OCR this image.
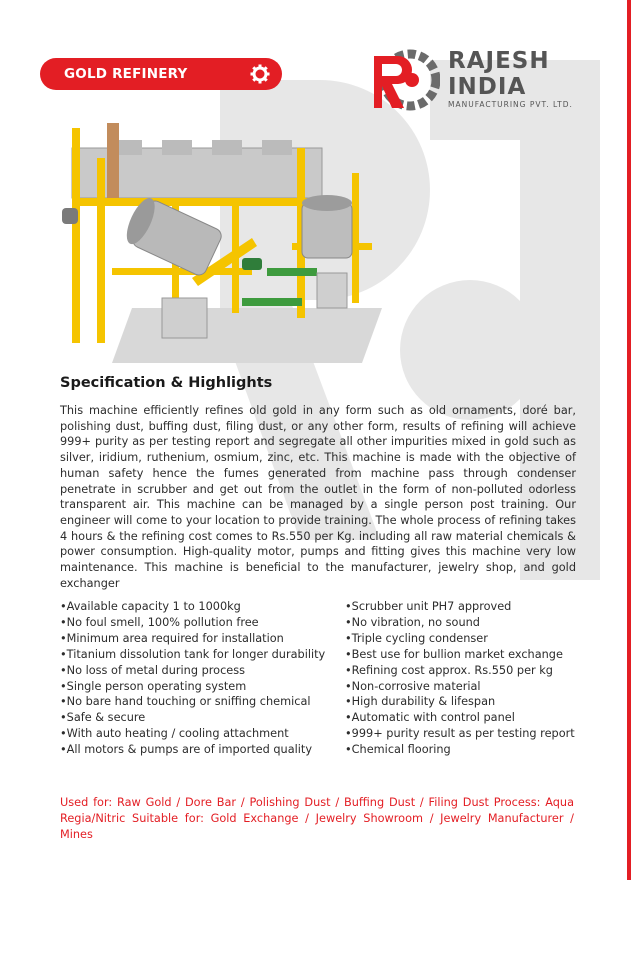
GOLD REFINERY	RAJESH
INDIA
MANUFACTURING PVT. LTD.
Specification & Highlights

This machine efficiently refines old gold in any form such as old ornaments, doré bar, polishing dust, buffing dust, filing dust, or any other form, results of refining will achieve 999+ purity as per testing report and segregate all other impurities mixed in gold such as silver, iridium, ruthenium, osmium, zinc, etc. This machine is made with the objective of human safety hence the fumes generated from machine pass through condenser penetrate in scrubber and get out from the outlet in the form of non-polluted odorless transparent air. This machine can be managed by a single person post training. Our engineer will come to your location to provide training. The whole process of refining takes 4 hours & the refining cost comes to Rs.550 per Kg. including all raw material chemicals & power consumption. High-quality motor, pumps and fitting gives this machine very low maintenance. This machine is beneficial to the manufacturer, jewelry shop, and gold exchanger

• Available capacity 1 to 1000kg
• No foul smell, 100% pollution free
• Minimum area required for installation
• Titanium dissolution tank for longer durability
• No loss of metal during process
• Single person operating system
• No bare hand touching or sniffing chemical
• Safe & secure
• With auto heating / cooling attachment
• All motors & pumps are of imported quality
• Scrubber unit PH7 approved
• No vibration, no sound
• Triple cycling condenser
• Best use for bullion market exchange
• Refining cost approx. Rs.550 per kg
• Non-corrosive material
• High durability & lifespan
• Automatic with control panel
• 999+ purity result as per testing report
• Chemical flooring

Used for: Raw Gold / Dore Bar / Polishing Dust / Buffing Dust / Filing Dust Process: Aqua Regia/Nitric Suitable for: Gold Exchange / Jewelry Showroom / Jewelry Manufacturer / Mines
